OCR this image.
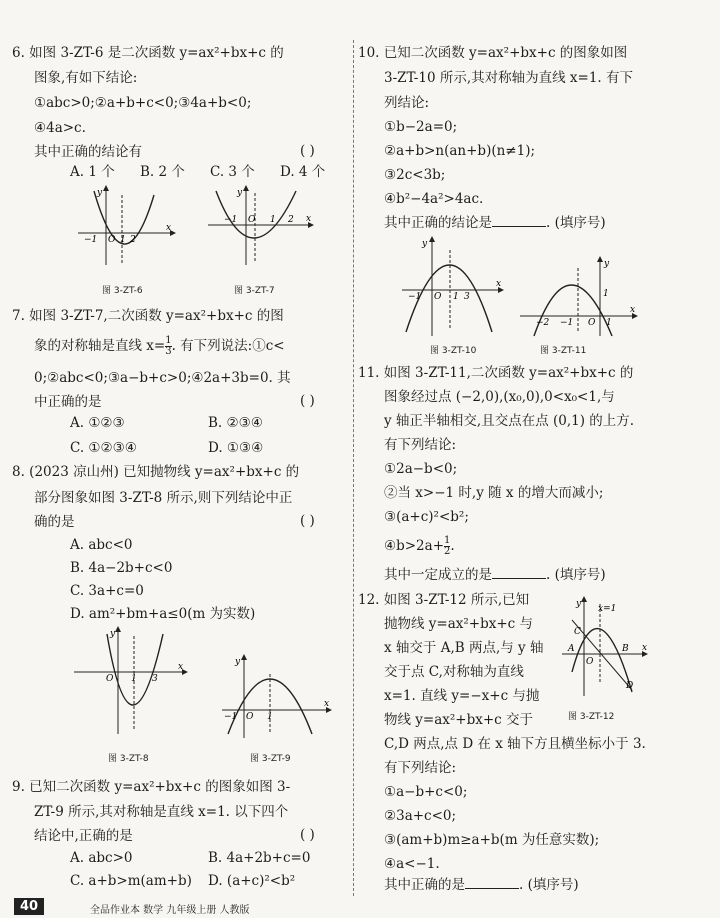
6. 如图 3-ZT-6 是二次函数 y=ax²+bx+c 的
图象,有如下结论:
①abc>0;②a+b+c<0;③4a+b<0;
④4a>c.
其中正确的结论有	( )
A. 1 个 B. 2 个 C. 3 个 D. 4 个
y
x
−1 O 1 2
图 3-ZT-6
y
x
−1 O 1 2
图 3-ZT-7
7. 如图 3-ZT-7,二次函数 y=ax²+bx+c 的图
象的对称轴是直线 $x= \frac{1}{3}$ . 有下列说法:①c<
0;②abc<0;③a−b+c>0;④2a+3b=0. 其
中正确的是	( )
A. ①②③	B. ②③④
C. ①②③④	D. ①③④
8. (2023 凉山州) 已知抛物线 y=ax²+bx+c 的
部分图象如图 3-ZT-8 所示,则下列结论中正
确的是	( )
A. abc<0
B. 4a−2b+c<0
C. 3a+c=0
D. am²+bm+a≤0(m 为实数)
y
x
O 1 3
图 3-ZT-8
y
x
−1 O 1
图 3-ZT-9
9. 已知二次函数 y=ax²+bx+c 的图象如图 3-
ZT-9 所示,其对称轴是直线 x=1. 以下四个
结论中,正确的是	( )
A. abc>0	B. 4a+2b+c=0
C. a+b>m(am+b) D. (a+c)²<b²
10. 已知二次函数 y=ax²+bx+c 的图象如图
3-ZT-10 所示,其对称轴为直线 x=1. 有下
列结论:
①b−2a=0;
②a+b>n(an+b)(n≠1);
③2c<3b;
④b²−4a²>4ac.
其中正确的结论是	. (填序号)
y
x
−1 O 1 3
图 3-ZT-10
y
x
−2 −1 O 1
1
图 3-ZT-11
11. 如图 3-ZT-11,二次函数 y=ax²+bx+c 的
图象经过点 (−2,0),(x₀,0),0<x₀<1,与
y 轴正半轴相交,且交点在点 (0,1) 的上方.
有下列结论:
①2a−b<0;
②当 x>−1 时,y 随 x 的增大而减小;
③(a+c)²<b²;
④b>2a+ $\frac{1}{2}$ .
其中一定成立的是	. (填序号)
12. 如图 3-ZT-12 所示,已知
抛物线 y=ax²+bx+c 与
x 轴交于 A,B 两点,与 y 轴
交于点 C,对称轴为直线
x=1. 直线 y=−x+c 与抛
物线 y=ax²+bx+c 交于
C,D 两点,点 D 在 x 轴下方且横坐标小于 3.
有下列结论:
①a−b+c<0;
②3a+c<0;
③(am+b)m≥a+b(m 为任意实数);
④a<−1.
其中正确的是	. (填序号)
y
x
x=1
C
A
O
B
D
图 3-ZT-12
40	全品作业本 数学 九年级上册 人教版
